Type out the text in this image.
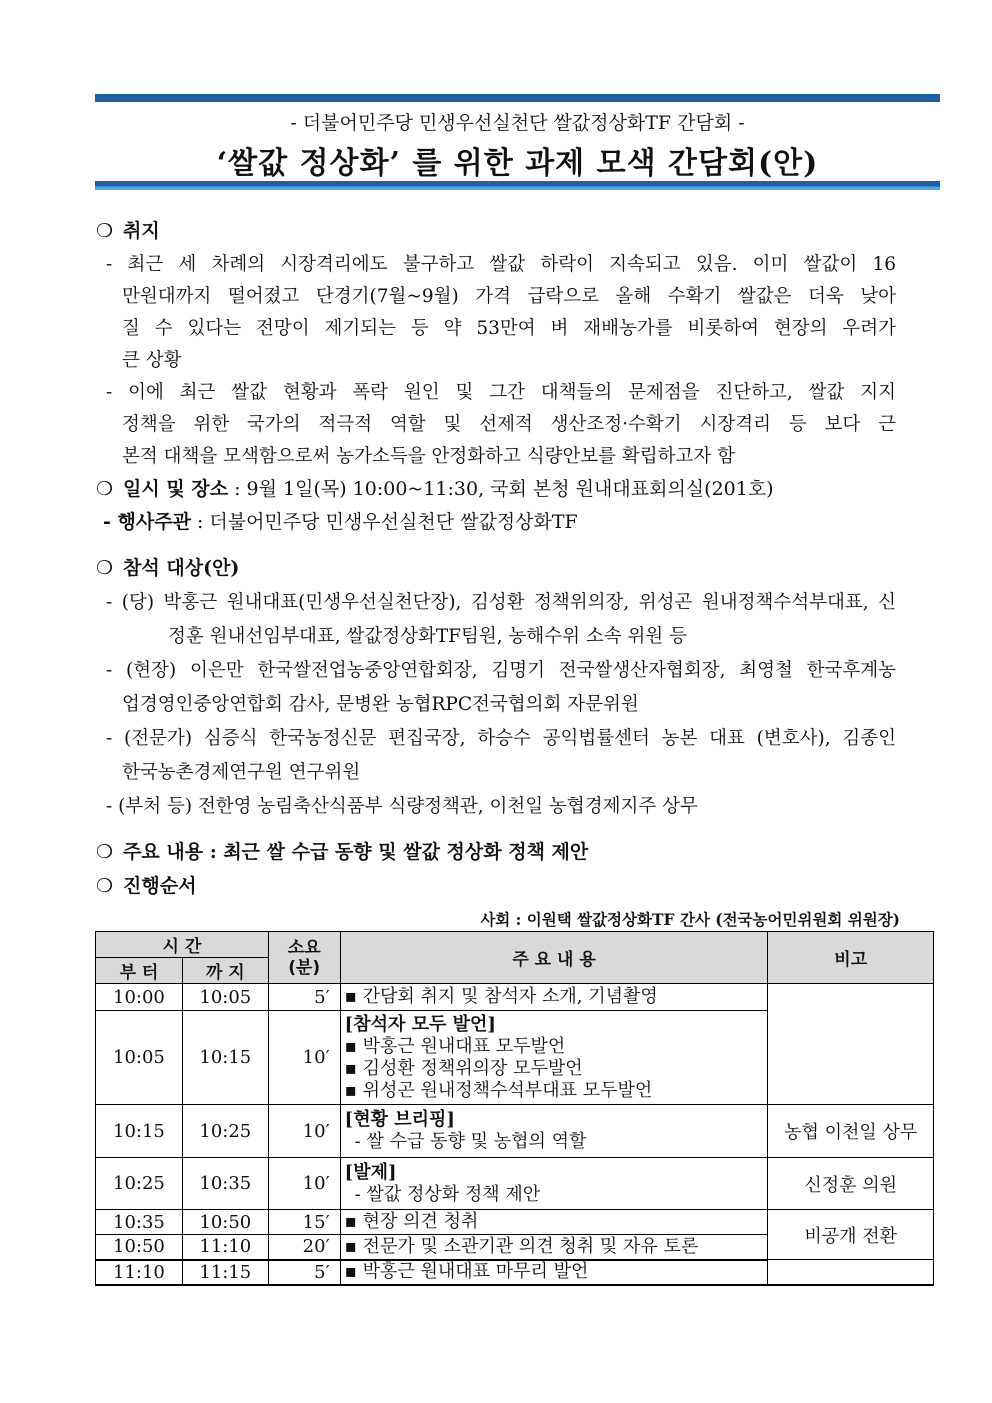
- 더불어민주당 민생우선실천단 쌀값정상화TF 간담회 -
‘쌀값 정상화’ 를 위한 과제 모색 간담회(안)
❍ 취지
- 최근 세 차례의 시장격리에도 불구하고 쌀값 하락이 지속되고 있음. 이미 쌀값이 16
만원대까지 떨어졌고 단경기(7월~9월) 가격 급락으로 올해 수확기 쌀값은 더욱 낮아
질 수 있다는 전망이 제기되는 등 약 53만여 벼 재배농가를 비롯하여 현장의 우려가
큰 상황
- 이에 최근 쌀값 현황과 폭락 원인 및 그간 대책들의 문제점을 진단하고, 쌀값 지지
정책을 위한 국가의 적극적 역할 및 선제적 생산조정·수확기 시장격리 등 보다 근
본적 대책을 모색함으로써 농가소득을 안정화하고 식량안보를 확립하고자 함
❍ 일시 및 장소 : 9월 1일(목) 10:00~11:30, 국회 본청 원내대표회의실(201호)
- 행사주관 : 더불어민주당 민생우선실천단 쌀값정상화TF
❍ 참석 대상(안)
- (당) 박홍근 원내대표(민생우선실천단장), 김성환 정책위의장, 위성곤 원내정책수석부대표, 신
정훈 원내선임부대표, 쌀값정상화TF팀원, 농해수위 소속 위원 등
- (현장) 이은만 한국쌀전업농중앙연합회장, 김명기 전국쌀생산자협회장, 최영철 한국후계농
업경영인중앙연합회 감사, 문병완 농협RPC전국협의회 자문위원
- (전문가) 심증식 한국농정신문 편집국장, 하승수 공익법률센터 농본 대표 (변호사), 김종인
한국농촌경제연구원 연구위원
- (부처 등) 전한영 농림축산식품부 식량정책관, 이천일 농협경제지주 상무
❍ 주요 내용 : 최근 쌀 수급 동향 및 쌀값 정상화 정책 제안
❍ 진행순서
사회 : 이원택 쌀값정상화TF 간사 (전국농어민위원회 위원장)
시 간		소요
(분)	주 요 내 용	비고
부 터	까 지			
10:00	10:05	5′	▪ 간담회 취지 및 참석자 소개, 기념촬영	

10:05	10:15	10′	[참석자 모두 발언]
▪ 박홍근 원내대표 모두발언
▪ 김성환 정책위의장 모두발언
▪ 위성곤 원내정책수석부대표 모두발언	

10:15	10:25	10′	[현황 브리핑]
- 쌀 수급 동향 및 농협의 역할	농협 이천일 상무
10:25	10:35	10′	[발제]
- 쌀값 정상화 정책 제안	신정훈 의원
10:35	10:50	15′	▪ 현장 의견 청취	비공개 전환
10:50	11:10	20′	▪ 전문가 및 소관기관 의견 청취 및 자유 토론	

11:10	11:15	5′	▪ 박홍근 원내대표 마무리 발언	
